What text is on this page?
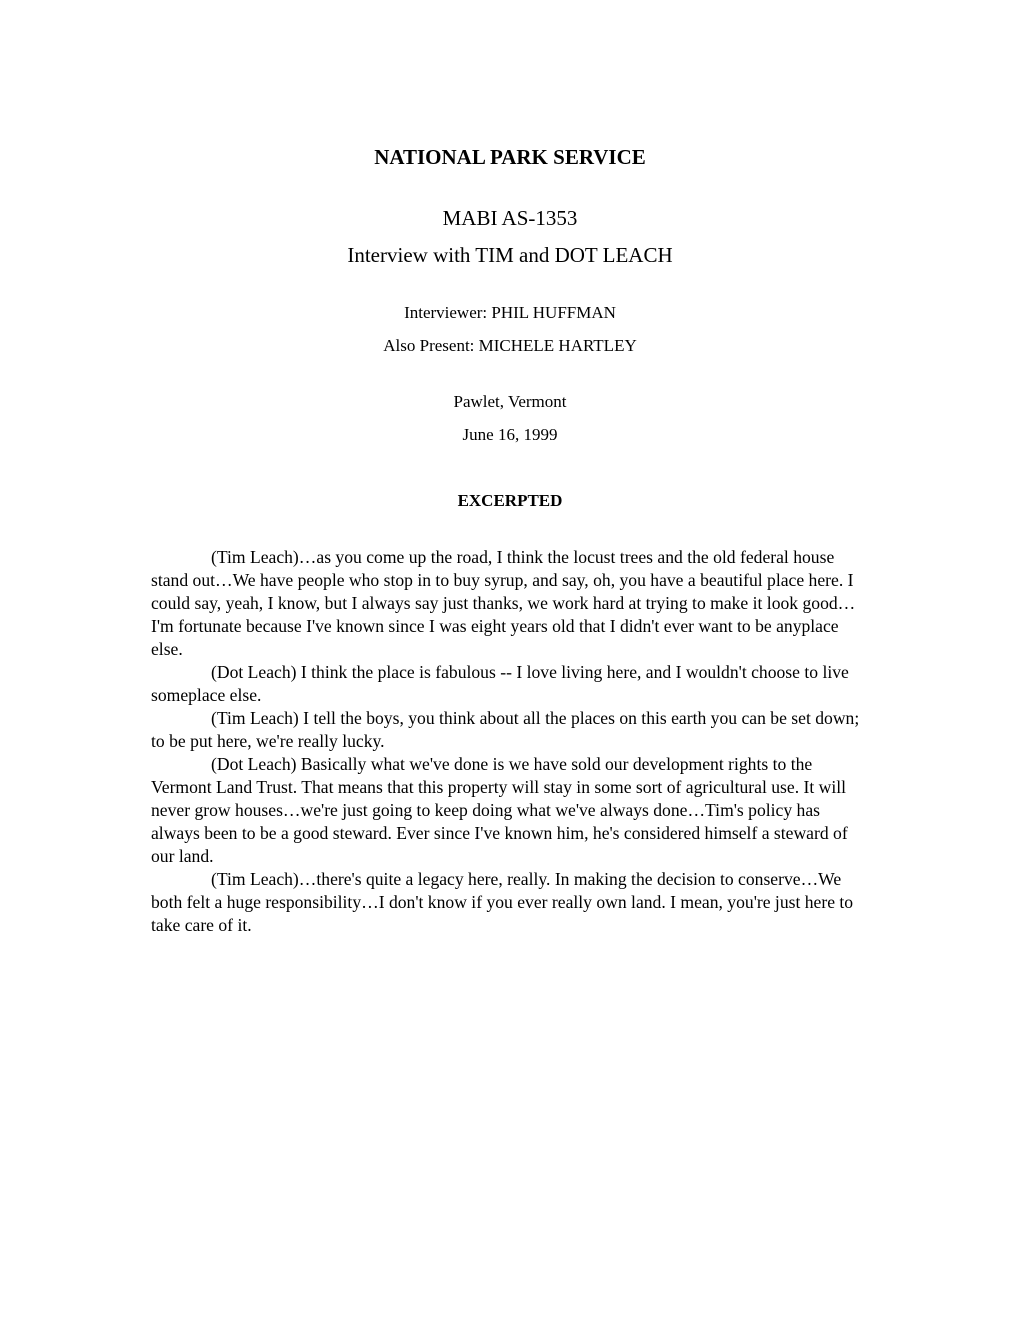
NATIONAL PARK SERVICE
MABI AS-1353
Interview with TIM and DOT LEACH
Interviewer: PHIL HUFFMAN
Also Present: MICHELE HARTLEY
Pawlet, Vermont
June 16, 1999
EXCERPTED

(Tim Leach)…as you come up the road, I think the locust trees and the old federal house stand out…We have people who stop in to buy syrup, and say, oh, you have a beautiful place here. I could say, yeah, I know, but I always say just thanks, we work hard at trying to make it look good…I'm fortunate because I've known since I was eight years old that I didn't ever want to be anyplace else.

(Dot Leach) I think the place is fabulous -- I love living here, and I wouldn't choose to live someplace else.

(Tim Leach) I tell the boys, you think about all the places on this earth you can be set down; to be put here, we're really lucky.

(Dot Leach) Basically what we've done is we have sold our development rights to the Vermont Land Trust. That means that this property will stay in some sort of agricultural use. It will never grow houses…we're just going to keep doing what we've always done…Tim's policy has always been to be a good steward. Ever since I've known him, he's considered himself a steward of our land.

(Tim Leach)…there's quite a legacy here, really. In making the decision to conserve…We both felt a huge responsibility…I don't know if you ever really own land. I mean, you're just here to take care of it.
